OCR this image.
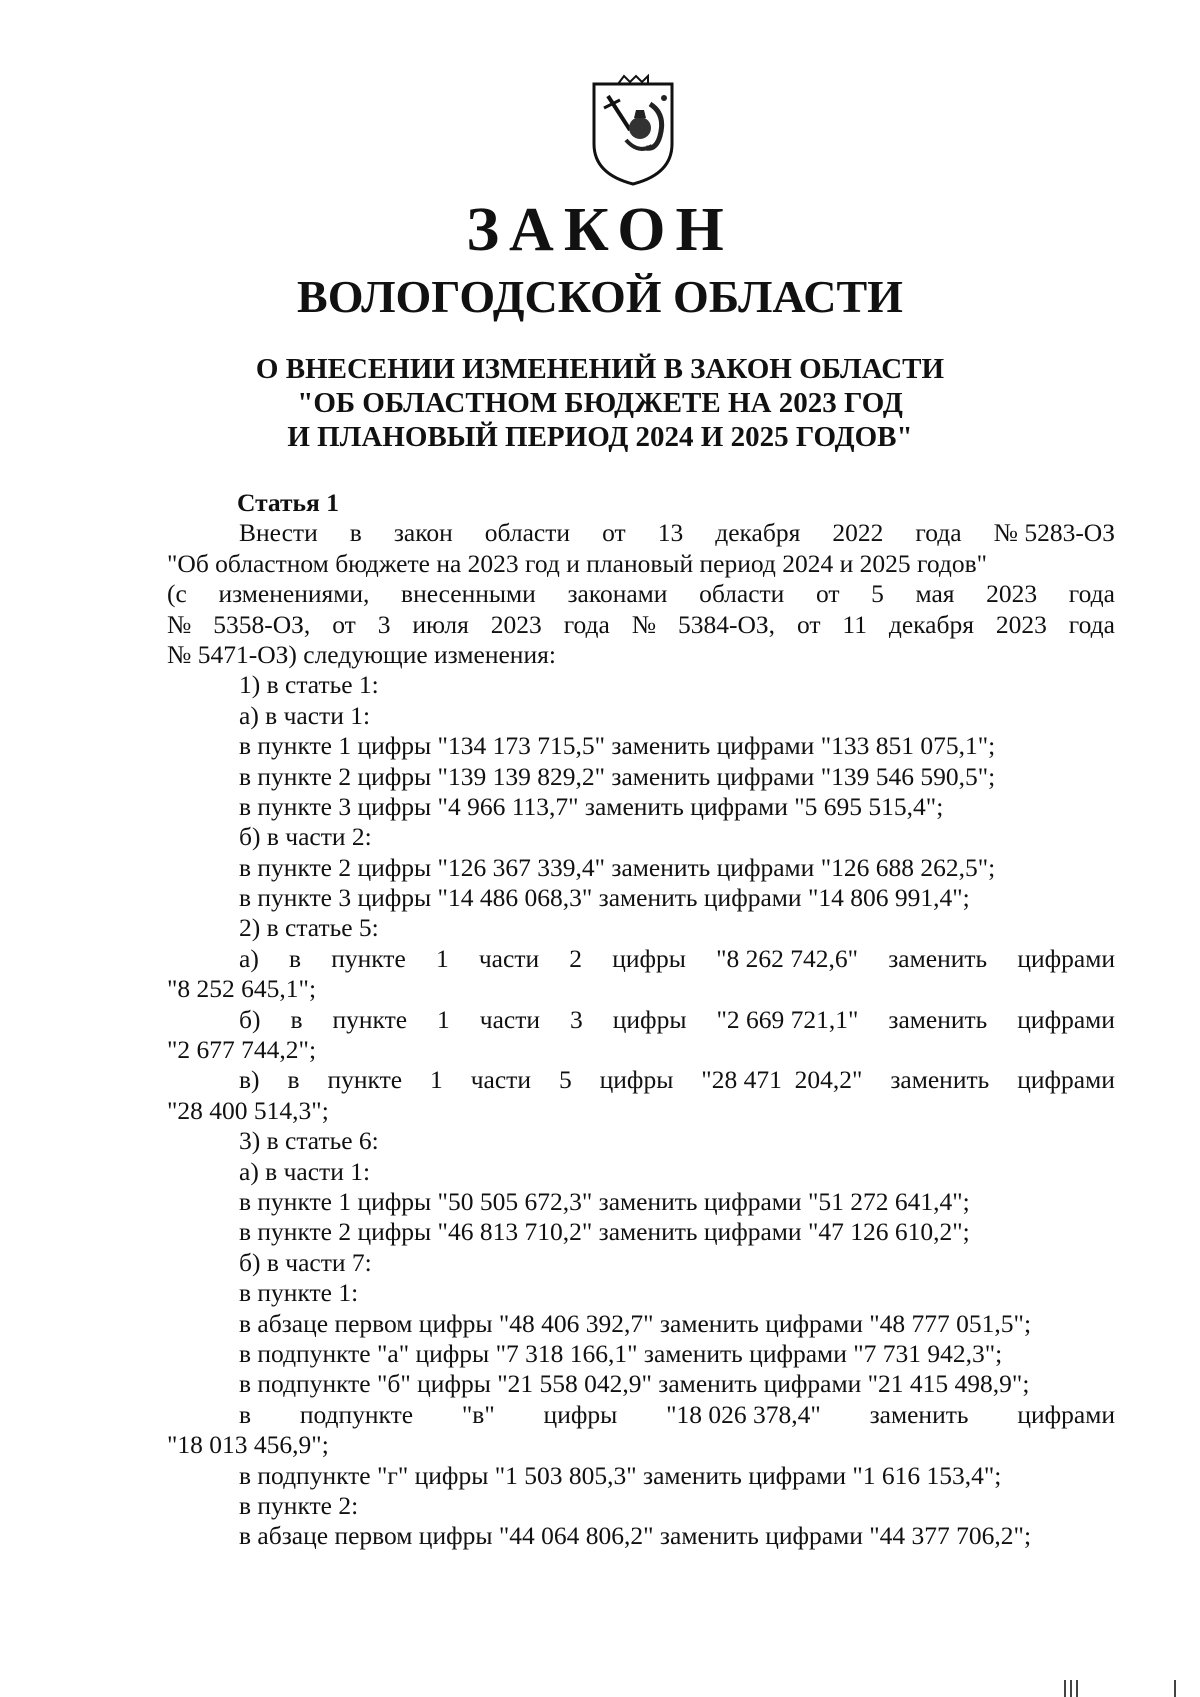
ЗАКОН
ВОЛОГОДСКОЙ ОБЛАСТИ
О ВНЕСЕНИИ ИЗМЕНЕНИЙ В ЗАКОН ОБЛАСТИ
"ОБ ОБЛАСТНОМ БЮДЖЕТЕ НА 2023 ГОД
И ПЛАНОВЫЙ ПЕРИОД 2024 И 2025 ГОДОВ"
Статья 1
Внести в закон области от 13 декабря 2022 года № 5283-ОЗ
"Об областном бюджете на 2023 год и плановый период 2024 и 2025 годов"
(с изменениями, внесенными законами области от 5 мая 2023 года
№ 5358-ОЗ, от 3 июля 2023 года № 5384-ОЗ, от 11 декабря 2023 года
№ 5471-ОЗ) следующие изменения:
1) в статье 1:
а) в части 1:
в пункте 1 цифры "134 173 715,5" заменить цифрами "133 851 075,1";
в пункте 2 цифры "139 139 829,2" заменить цифрами "139 546 590,5";
в пункте 3 цифры "4 966 113,7" заменить цифрами "5 695 515,4";
б) в части 2:
в пункте 2 цифры "126 367 339,4" заменить цифрами "126 688 262,5";
в пункте 3 цифры "14 486 068,3" заменить цифрами "14 806 991,4";
2) в статье 5:
а) в пункте 1 части 2 цифры "8 262 742,6" заменить цифрами
"8 252 645,1";
б) в пункте 1 части 3 цифры "2 669 721,1" заменить цифрами
"2 677 744,2";
в) в пункте 1 части 5 цифры "28 471  204,2" заменить цифрами
"28 400 514,3";
3) в статье 6:
а) в части 1:
в пункте 1 цифры "50 505 672,3" заменить цифрами "51 272 641,4";
в пункте 2 цифры "46 813 710,2" заменить цифрами "47 126 610,2";
б) в части 7:
в пункте 1:
в абзаце первом цифры "48 406 392,7" заменить цифрами "48 777 051,5";
в подпункте "а" цифры "7 318 166,1" заменить цифрами "7 731 942,3";
в подпункте "б" цифры "21 558 042,9" заменить цифрами "21 415 498,9";
в подпункте "в" цифры "18 026 378,4" заменить цифрами
"18 013 456,9";
в подпункте "г" цифры "1 503 805,3" заменить цифрами "1 616 153,4";
в пункте 2:
в абзаце первом цифры "44 064 806,2" заменить цифрами "44 377 706,2";
